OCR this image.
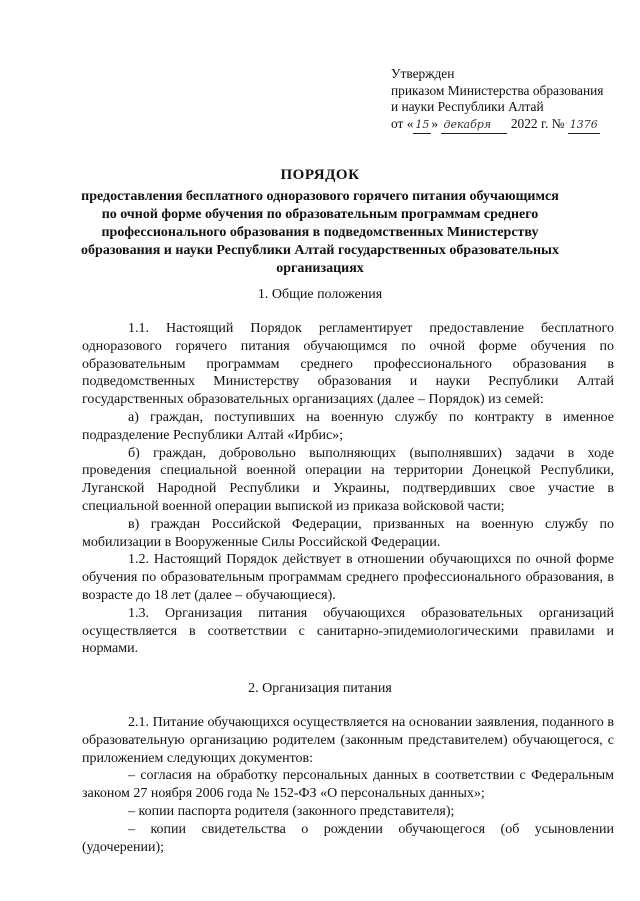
Утвержден
приказом Министерства образования
и науки Республики Алтай
от « 15 » декабря 2022 г. № 1376
ПОРЯДОК
предоставления бесплатного одноразового горячего питания обучающимся по очной форме обучения по образовательным программам среднего профессионального образования в подведомственных Министерству образования и науки Республики Алтай государственных образовательных организациях
1. Общие положения

1.1. Настоящий Порядок регламентирует предоставление бесплатного одноразового горячего питания обучающимся по очной форме обучения по образовательным программам среднего профессионального образования в подведомственных Министерству образования и науки Республики Алтай государственных образовательных организациях (далее – Порядок) из семей:

а) граждан, поступивших на военную службу по контракту в именное подразделение Республики Алтай «Ирбис»;

б) граждан, добровольно выполняющих (выполнявших) задачи в ходе проведения специальной военной операции на территории Донецкой Республики, Луганской Народной Республики и Украины, подтвердивших свое участие в специальной военной операции выпиской из приказа войсковой части;

в) граждан Российской Федерации, призванных на военную службу по мобилизации в Вооруженные Силы Российской Федерации.

1.2. Настоящий Порядок действует в отношении обучающихся по очной форме обучения по образовательным программам среднего профессионального образования, в возрасте до 18 лет (далее – обучающиеся).

1.3. Организация питания обучающихся образовательных организаций осуществляется в соответствии с санитарно-эпидемиологическими правилами и нормами.

2. Организация питания

2.1. Питание обучающихся осуществляется на основании заявления, поданного в образовательную организацию родителем (законным представителем) обучающегося, с приложением следующих документов:

– согласия на обработку персональных данных в соответствии с Федеральным законом 27 ноября 2006 года № 152-ФЗ «О персональных данных»;

– копии паспорта родителя (законного представителя);

– копии свидетельства о рождении обучающегося (об усыновлении (удочерении);
